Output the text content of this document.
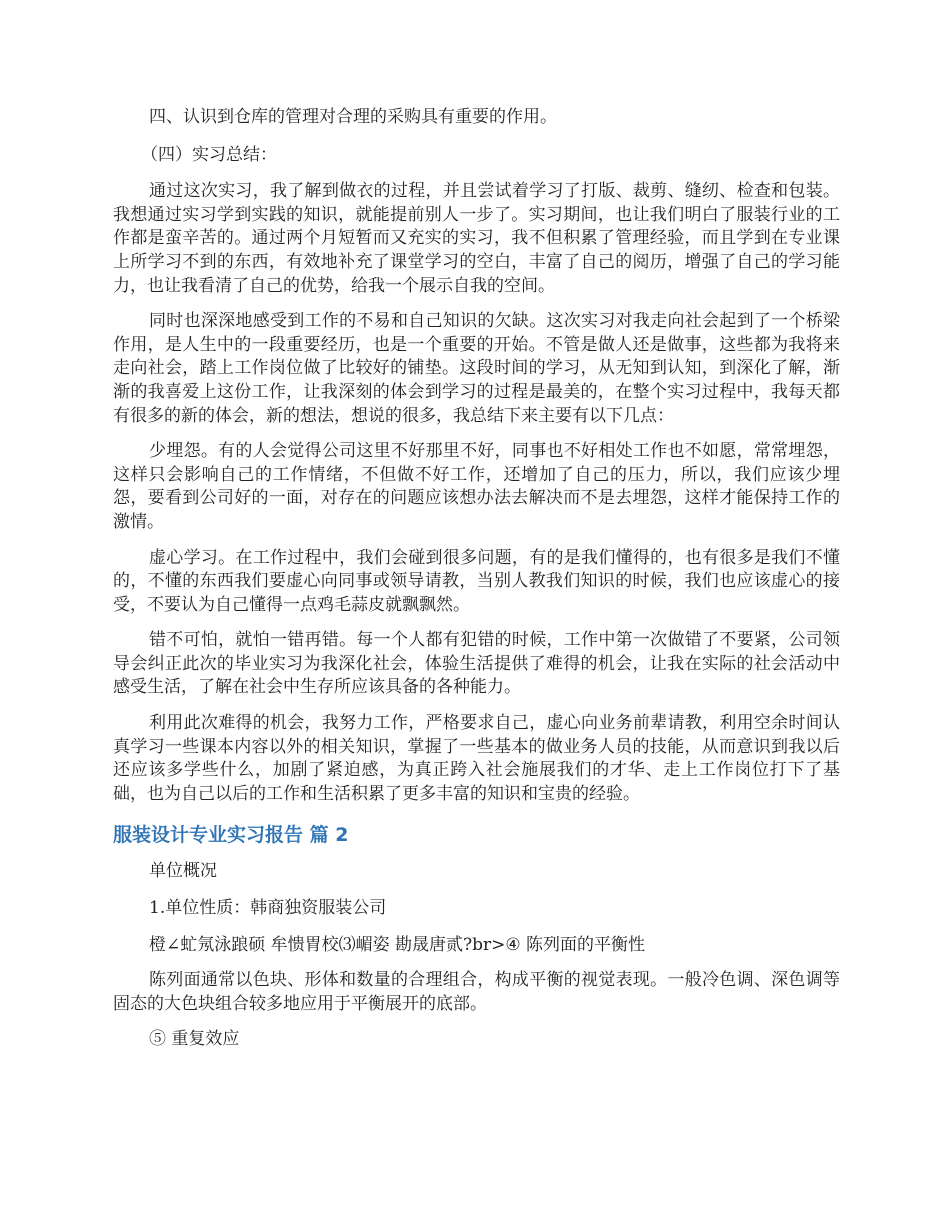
四、认识到仓库的管理对合理的采购具有重要的作用。

（四）实习总结：

通过这次实习，我了解到做衣的过程，并且尝试着学习了打版、裁剪、缝纫、检查和包装。我想通过实习学到实践的知识，就能提前别人一步了。实习期间，也让我们明白了服装行业的工作都是蛮辛苦的。通过两个月短暂而又充实的实习，我不但积累了管理经验，而且学到在专业课上所学习不到的东西，有效地补充了课堂学习的空白，丰富了自己的阅历，增强了自己的学习能力，也让我看清了自己的优势，给我一个展示自我的空间。

同时也深深地感受到工作的不易和自己知识的欠缺。这次实习对我走向社会起到了一个桥梁作用，是人生中的一段重要经历，也是一个重要的开始。不管是做人还是做事，这些都为我将来走向社会，踏上工作岗位做了比较好的铺垫。这段时间的学习，从无知到认知，到深化了解，渐渐的我喜爱上这份工作，让我深刻的体会到学习的过程是最美的，在整个实习过程中，我每天都有很多的新的体会，新的想法，想说的很多，我总结下来主要有以下几点：

少埋怨。有的人会觉得公司这里不好那里不好，同事也不好相处工作也不如愿，常常埋怨，这样只会影响自己的工作情绪，不但做不好工作，还增加了自己的压力，所以，我们应该少埋怨，要看到公司好的一面，对存在的问题应该想办法去解决而不是去埋怨，这样才能保持工作的激情。

虚心学习。在工作过程中，我们会碰到很多问题，有的是我们懂得的，也有很多是我们不懂的，不懂的东西我们要虚心向同事或领导请教，当别人教我们知识的时候，我们也应该虚心的接受，不要认为自己懂得一点鸡毛蒜皮就飘飘然。

错不可怕，就怕一错再错。每一个人都有犯错的时候，工作中第一次做错了不要紧，公司领导会纠正此次的毕业实习为我深化社会，体验生活提供了难得的机会，让我在实际的社会活动中感受生活，了解在社会中生存所应该具备的各种能力。

利用此次难得的机会，我努力工作，严格要求自己，虚心向业务前辈请教，利用空余时间认真学习一些课本内容以外的相关知识，掌握了一些基本的做业务人员的技能，从而意识到我以后还应该多学些什么，加剧了紧迫感，为真正跨入社会施展我们的才华、走上工作岗位打下了基础，也为自己以后的工作和生活积累了更多丰富的知识和宝贵的经验。

服装设计专业实习报告 篇 2

单位概况

1.单位性质：韩商独资服装公司

橙∠虻氖泳踉硕 牟愦胃校⑶嵋姿 勘晟唐贰?br>④ 陈列面的平衡性

陈列面通常以色块、形体和数量的合理组合，构成平衡的视觉表现。一般冷色调、深色调等固态的大色块组合较多地应用于平衡展开的底部。

⑤ 重复效应
